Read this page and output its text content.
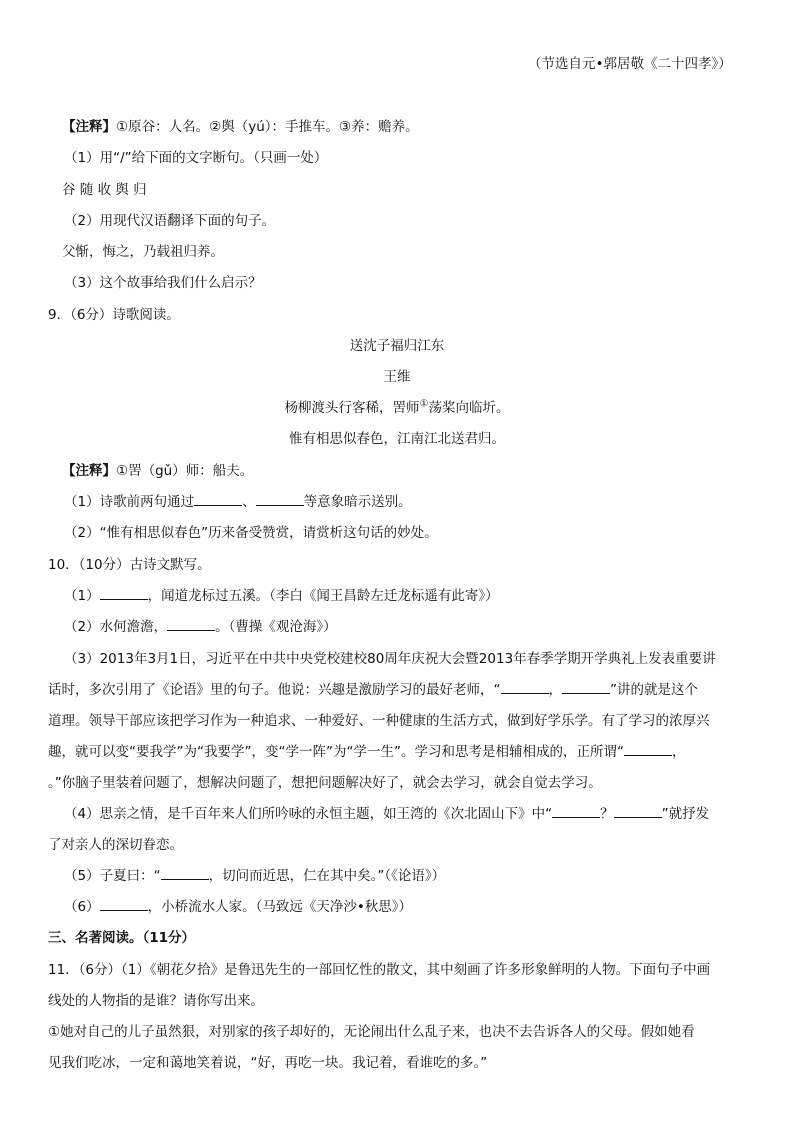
（节选自元•郭居敬《二十四孝》）
【注释】①原谷：人名。②舆（yú）：手推车。③养：赡养。
（1）用“/”给下面的文字断句。（只画一处）
谷 随 收 舆 归
（2）用现代汉语翻译下面的句子。
父惭，悔之，乃载祖归养。
（3）这个故事给我们什么启示？
9．（6分）诗歌阅读。
送沈子福归江东
王维
杨柳渡头行客稀，罟师①荡桨向临圻。
惟有相思似春色，江南江北送君归。
【注释】①罟（gǔ）师：船夫。
（1）诗歌前两句通过	、	等意象暗示送别。
（2）“惟有相思似春色”历来备受赞赏，请赏析这句话的妙处。
10．（10分）古诗文默写。
（1）	，闻道龙标过五溪。（李白《闻王昌龄左迁龙标遥有此寄》）
（2）水何澹澹，	。（曹操《观沧海》）
（3）2013年3月1日，习近平在中共中央党校建校80周年庆祝大会暨2013年春季学期开学典礼上发表重要讲
话时，多次引用了《论语》里的句子。他说：兴趣是激励学习的最好老师，“	，	”讲的就是这个
道理。领导干部应该把学习作为一种追求、一种爱好、一种健康的生活方式，做到好学乐学。有了学习的浓厚兴
趣，就可以变“要我学”为“我要学”，变“学一阵”为“学一生”。学习和思考是相辅相成的，正所谓“	，
。”你脑子里装着问题了，想解决问题了，想把问题解决好了，就会去学习，就会自觉去学习。
（4）思亲之情，是千百年来人们所吟咏的永恒主题，如王湾的《次北固山下》中“	？	”就抒发
了对亲人的深切眷恋。
（5）子夏曰：“	，切问而近思，仁在其中矣。”（《论语》）
（6）	，小桥流水人家。（马致远《天净沙•秋思》）
三、名著阅读。（11分）
11．（6分）（1）《朝花夕拾》是鲁迅先生的一部回忆性的散文，其中刻画了许多形象鲜明的人物。下面句子中画
线处的人物指的是谁？请你写出来。
①她对自己的儿子虽然狠，对别家的孩子却好的，无论闹出什么乱子来，也决不去告诉各人的父母。假如她看
见我们吃冰，一定和蔼地笑着说，“好，再吃一块。我记着，看谁吃的多。”
